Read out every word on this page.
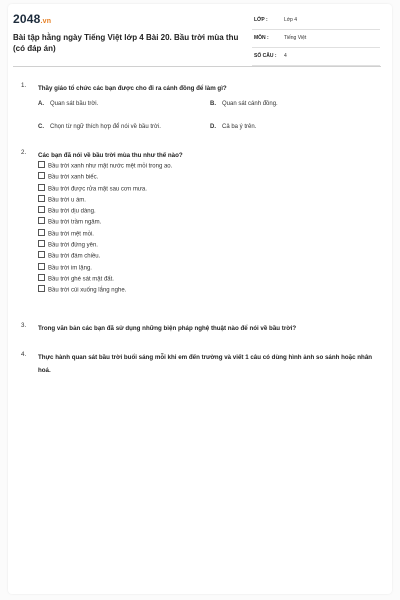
2048.vn
Bài tập hằng ngày Tiếng Việt lớp 4 Bài 20. Bầu trời mùa thu (có đáp án)
LỚP :	Lớp 4
MÔN :	Tiếng Việt
SỐ CÂU : 4
1. Thầy giáo tổ chức các bạn được cho đi ra cánh đồng để làm gì?
A. Quan sát bầu trời.	B. Quan sát cánh đồng.
C. Chọn từ ngữ thích hợp để nói về bầu trời.	D. Cả ba ý trên.
2. Các bạn đã nói về bầu trời mùa thu như thế nào?
Bầu trời xanh như mặt nước mệt mỏi trong ao.
Bầu trời xanh biếc.
Bầu trời được rửa mặt sau cơn mưa.
Bầu trời u ám.
Bầu trời dịu dàng.
Bầu trời trầm ngâm.
Bầu trời mệt mỏi.
Bầu trời đứng yên.
Bầu trời đám chiều.
Bầu trời im lặng.
Bầu trời ghé sát mặt đất.
Bầu trời cúi xuống lắng nghe.
3. Trong văn bản các bạn đã sử dụng những biện pháp nghệ thuật nào để nói về bầu trời?
4. Thực hành quan sát bầu trời buổi sáng mỗi khi em đến trường và viết 1 câu có dùng hình ảnh so sánh hoặc nhân hoá.
